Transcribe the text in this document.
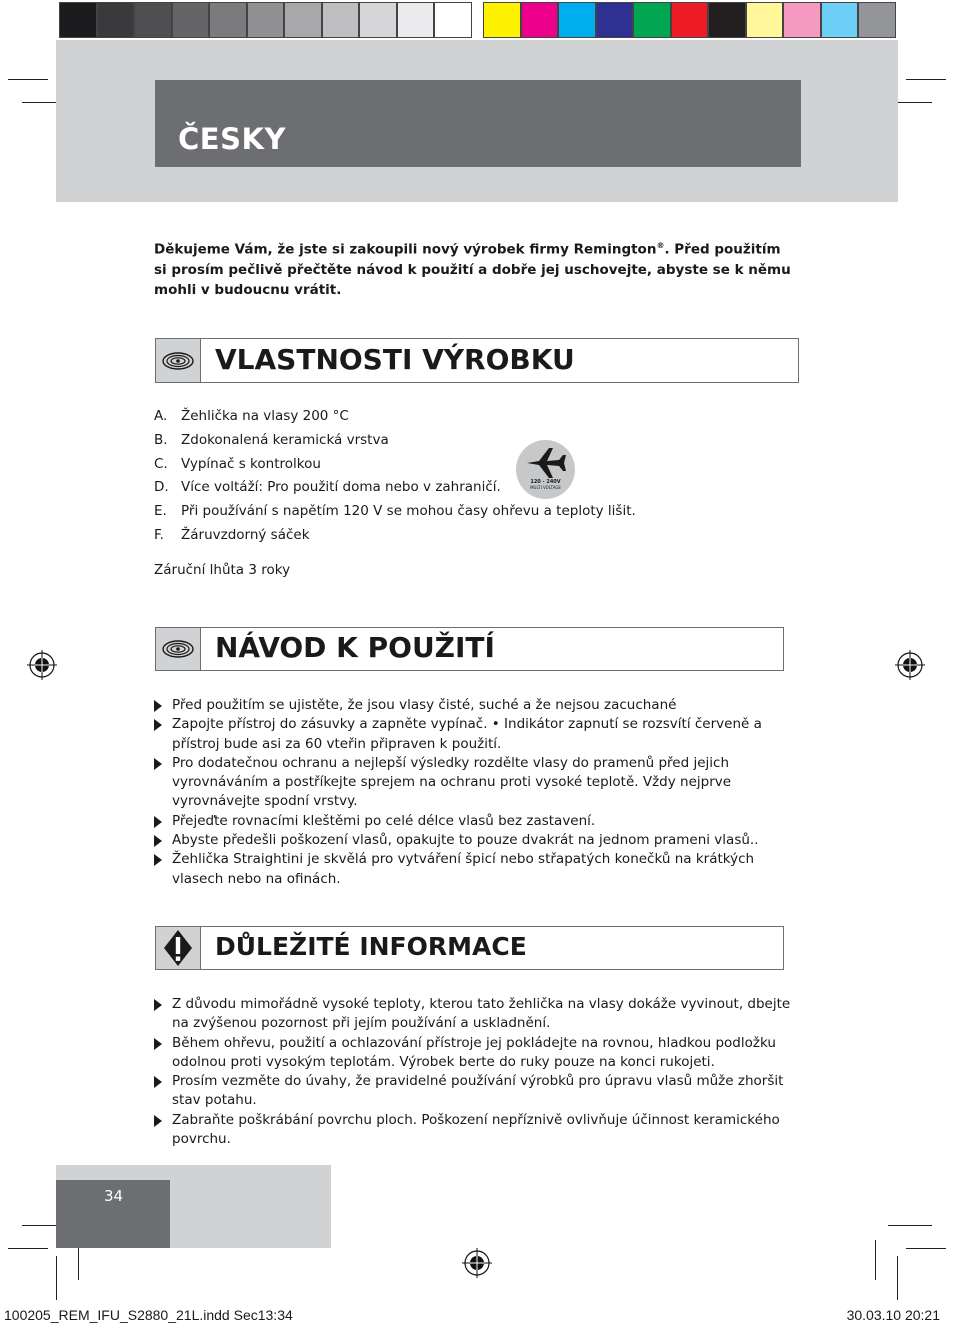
ČESKY
Děkujeme Vám, že jste si zakoupili nový výrobek firmy Remington®. Před použitím si prosím pečlivě přečtěte návod k použití a dobře jej uschovejte, abyste se k němu mohli v budoucnu vrátit.
VLASTNOSTI VÝROBKU
A. Žehlička na vlasy 200 °C
B. Zdokonalená keramická vrstva
C. Vypínač s kontrolkou
D. Více voltáží: Pro použití doma nebo v zahraničí.
E. Při používání s napětím 120 V se mohou časy ohřevu a teploty lišit.
F. Žáruvzdorný sáček
120 - 240V
MULTI VOLTAGE
Záruční lhůta 3 roky
NÁVOD K POUŽITÍ
Před použitím se ujistěte, že jsou vlasy čisté, suché a že nejsou zacuchané
Zapojte přístroj do zásuvky a zapněte vypínač. • Indikátor zapnutí se rozsvítí červeně a přístroj bude asi za 60 vteřin připraven k použití.
Pro dodatečnou ochranu a nejlepší výsledky rozdělte vlasy do pramenů před jejich vyrovnáváním a postříkejte sprejem na ochranu proti vysoké teplotě. Vždy nejprve vyrovnávejte spodní vrstvy.
Přejeďte rovnacími kleštěmi po celé délce vlasů bez zastavení.
Abyste předešli poškození vlasů, opakujte to pouze dvakrát na jednom prameni vlasů..
Žehlička Straightini je skvělá pro vytváření špicí nebo střapatých konečků na krátkých vlasech nebo na ofinách.
DŮLEŽITÉ INFORMACE
Z důvodu mimořádně vysoké teploty, kterou tato žehlička na vlasy dokáže vyvinout, dbejte na zvýšenou pozornost při jejím používání a uskladnění.
Během ohřevu, použití a ochlazování přístroje jej pokládejte na rovnou, hladkou podložku odolnou proti vysokým teplotám. Výrobek berte do ruky pouze na konci rukojeti.
Prosím vezměte do úvahy, že pravidelné používání výrobků pro úpravu vlasů může zhoršit stav potahu.
Zabraňte poškrábání povrchu ploch. Poškození nepříznivě ovlivňuje účinnost keramického povrchu.
34
100205_REM_IFU_S2880_21L.indd Sec13:34	30.03.10 20:21
